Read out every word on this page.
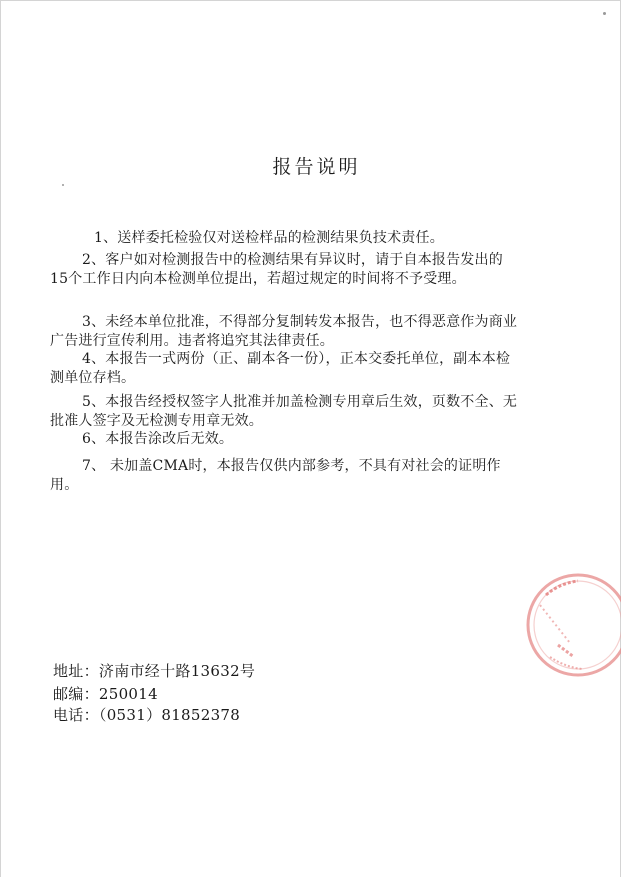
报告说明
1、送样委托检验仅对送检样品的检测结果负技术责任。
2、客户如对检测报告中的检测结果有异议时，请于自本报告发出的15个工作日内向本检测单位提出，若超过规定的时间将不予受理。
3、未经本单位批准，不得部分复制转发本报告，也不得恶意作为商业广告进行宣传利用。违者将追究其法律责任。
4、本报告一式两份（正、副本各一份），正本交委托单位，副本本检测单位存档。
5、本报告经授权签字人批准并加盖检测专用章后生效，页数不全、无批准人签字及无检测专用章无效。
6、本报告涂改后无效。
7、 未加盖CMA时，本报告仅供内部参考，不具有对社会的证明作用。
地址：济南市经十路13632号
邮编：250014
电话：（0531）81852378
